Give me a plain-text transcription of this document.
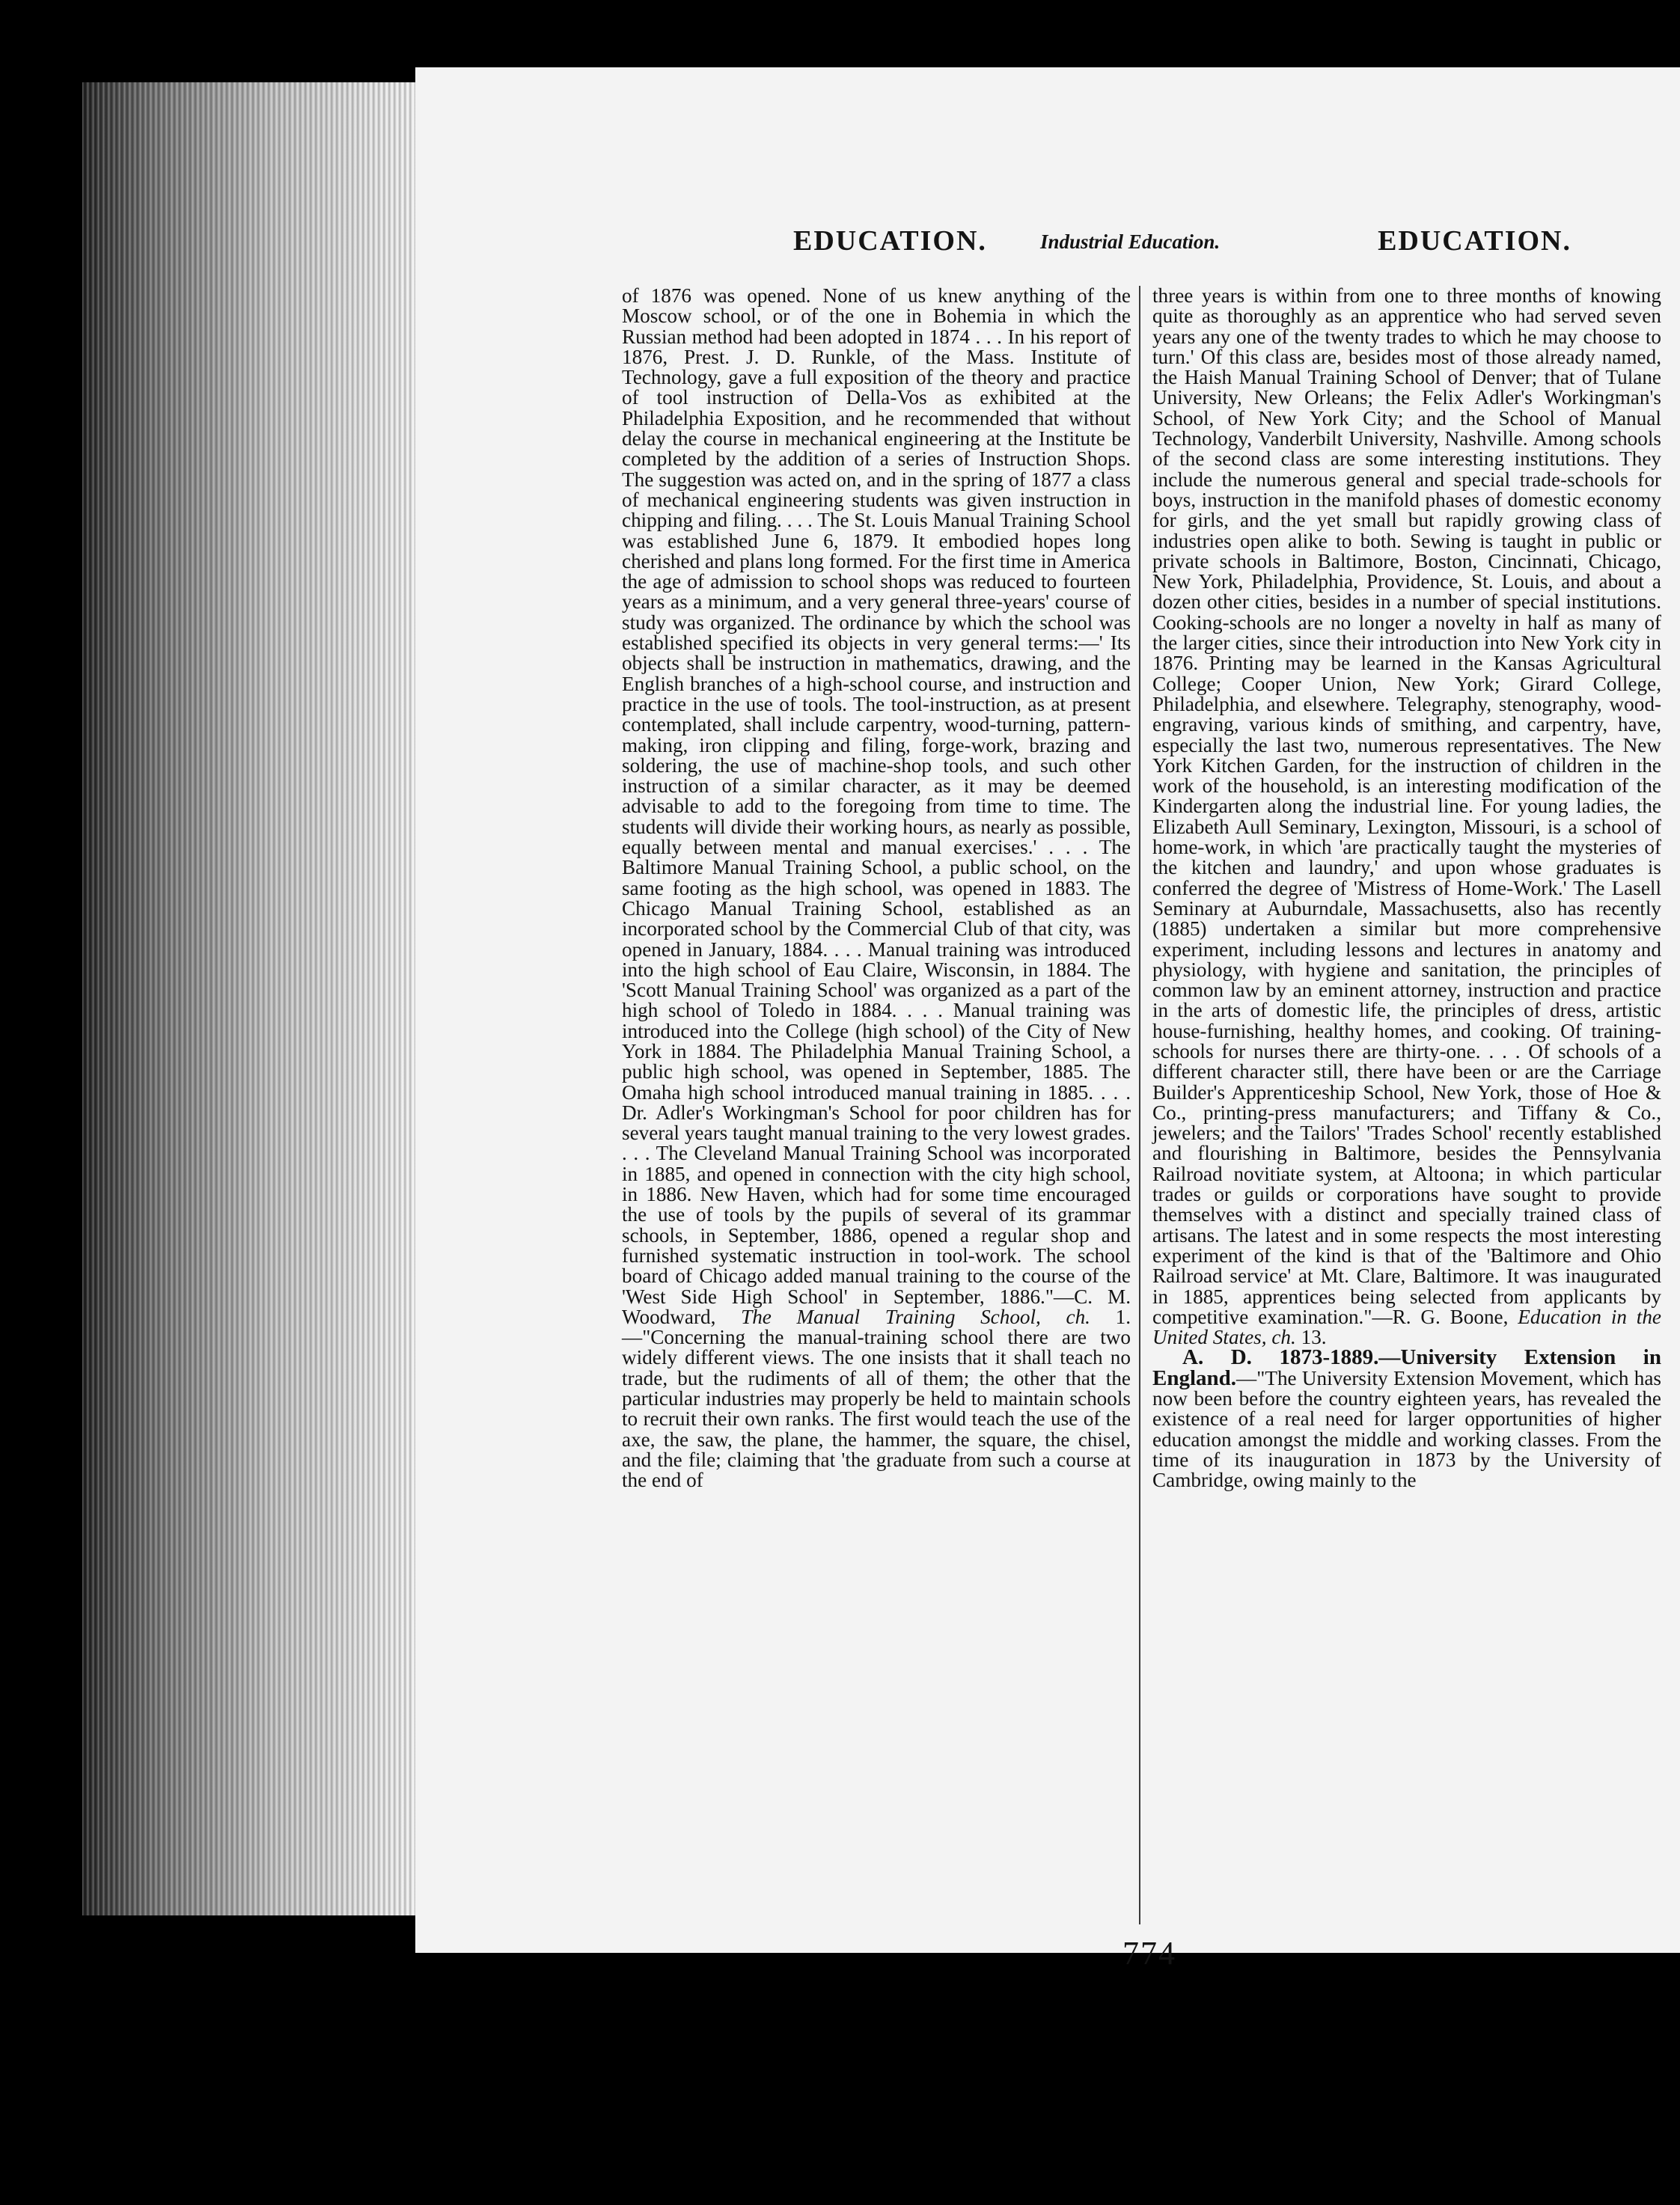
EDUCATION.	Industrial Education.	EDUCATION.

of 1876 was opened. None of us knew anything of the Moscow school, or of the one in Bohemia in which the Russian method had been adopted in 1874 . . . In his report of 1876, Prest. J. D. Runkle, of the Mass. Institute of Technology, gave a full exposition of the theory and practice of tool instruction of Della-Vos as exhibited at the Philadelphia Exposition, and he recommended that without delay the course in mechanical engineering at the Institute be completed by the addition of a series of Instruction Shops. The suggestion was acted on, and in the spring of 1877 a class of mechanical engineering students was given instruction in chipping and filing. . . . The St. Louis Manual Training School was established June 6, 1879. It embodied hopes long cherished and plans long formed. For the first time in America the age of admission to school shops was reduced to fourteen years as a minimum, and a very general three-years' course of study was organized. The ordinance by which the school was established specified its objects in very general terms:—' Its objects shall be instruction in mathematics, drawing, and the English branches of a high-school course, and instruction and practice in the use of tools. The tool-instruction, as at present contemplated, shall include carpentry, wood-turning, pattern-making, iron clipping and filing, forge-work, brazing and soldering, the use of machine-shop tools, and such other instruction of a similar character, as it may be deemed advisable to add to the foregoing from time to time. The students will divide their working hours, as nearly as possible, equally between mental and manual exercises.' . . . The Baltimore Manual Training School, a public school, on the same footing as the high school, was opened in 1883. The Chicago Manual Training School, established as an incorporated school by the Commercial Club of that city, was opened in January, 1884. . . . Manual training was introduced into the high school of Eau Claire, Wisconsin, in 1884. The 'Scott Manual Training School' was organized as a part of the high school of Toledo in 1884. . . . Manual training was introduced into the College (high school) of the City of New York in 1884. The Philadelphia Manual Training School, a public high school, was opened in September, 1885. The Omaha high school introduced manual training in 1885. . . . Dr. Adler's Workingman's School for poor children has for several years taught manual training to the very lowest grades. . . . The Cleveland Manual Training School was incorporated in 1885, and opened in connection with the city high school, in 1886. New Haven, which had for some time encouraged the use of tools by the pupils of several of its grammar schools, in September, 1886, opened a regular shop and furnished systematic instruction in tool-work. The school board of Chicago added manual training to the course of the 'West Side High School' in September, 1886."—C. M. Woodward, The Manual Training School, ch. 1.—"Concerning the manual-training school there are two widely different views. The one insists that it shall teach no trade, but the rudiments of all of them; the other that the particular industries may properly be held to maintain schools to recruit their own ranks. The first would teach the use of the axe, the saw, the plane, the hammer, the square, the chisel, and the file; claiming that 'the graduate from such a course at the end of

three years is within from one to three months of knowing quite as thoroughly as an apprentice who had served seven years any one of the twenty trades to which he may choose to turn.' Of this class are, besides most of those already named, the Haish Manual Training School of Denver; that of Tulane University, New Orleans; the Felix Adler's Workingman's School, of New York City; and the School of Manual Technology, Vanderbilt University, Nashville. Among schools of the second class are some interesting institutions. They include the numerous general and special trade-schools for boys, instruction in the manifold phases of domestic economy for girls, and the yet small but rapidly growing class of industries open alike to both. Sewing is taught in public or private schools in Baltimore, Boston, Cincinnati, Chicago, New York, Philadelphia, Providence, St. Louis, and about a dozen other cities, besides in a number of special institutions. Cooking-schools are no longer a novelty in half as many of the larger cities, since their introduction into New York city in 1876. Printing may be learned in the Kansas Agricultural College; Cooper Union, New York; Girard College, Philadelphia, and elsewhere. Telegraphy, stenography, wood-engraving, various kinds of smithing, and carpentry, have, especially the last two, numerous representatives. The New York Kitchen Garden, for the instruction of children in the work of the household, is an interesting modification of the Kindergarten along the industrial line. For young ladies, the Elizabeth Aull Seminary, Lexington, Missouri, is a school of home-work, in which 'are practically taught the mysteries of the kitchen and laundry,' and upon whose graduates is conferred the degree of 'Mistress of Home-Work.' The Lasell Seminary at Auburndale, Massachusetts, also has recently (1885) undertaken a similar but more comprehensive experiment, including lessons and lectures in anatomy and physiology, with hygiene and sanitation, the principles of common law by an eminent attorney, instruction and practice in the arts of domestic life, the principles of dress, artistic house-furnishing, healthy homes, and cooking. Of training-schools for nurses there are thirty-one. . . . Of schools of a different character still, there have been or are the Carriage Builder's Apprenticeship School, New York, those of Hoe & Co., printing-press manufacturers; and Tiffany & Co., jewelers; and the Tailors' 'Trades School' recently established and flourishing in Baltimore, besides the Pennsylvania Railroad novitiate system, at Altoona; in which particular trades or guilds or corporations have sought to provide themselves with a distinct and specially trained class of artisans. The latest and in some respects the most interesting experiment of the kind is that of the 'Baltimore and Ohio Railroad service' at Mt. Clare, Baltimore. It was inaugurated in 1885, apprentices being selected from applicants by competitive examination."—R. G. Boone, Education in the United States, ch. 13.

A. D. 1873-1889.—University Extension in England.—"The University Extension Movement, which has now been before the country eighteen years, has revealed the existence of a real need for larger opportunities of higher education amongst the middle and working classes. From the time of its inauguration in 1873 by the University of Cambridge, owing mainly to the

774
